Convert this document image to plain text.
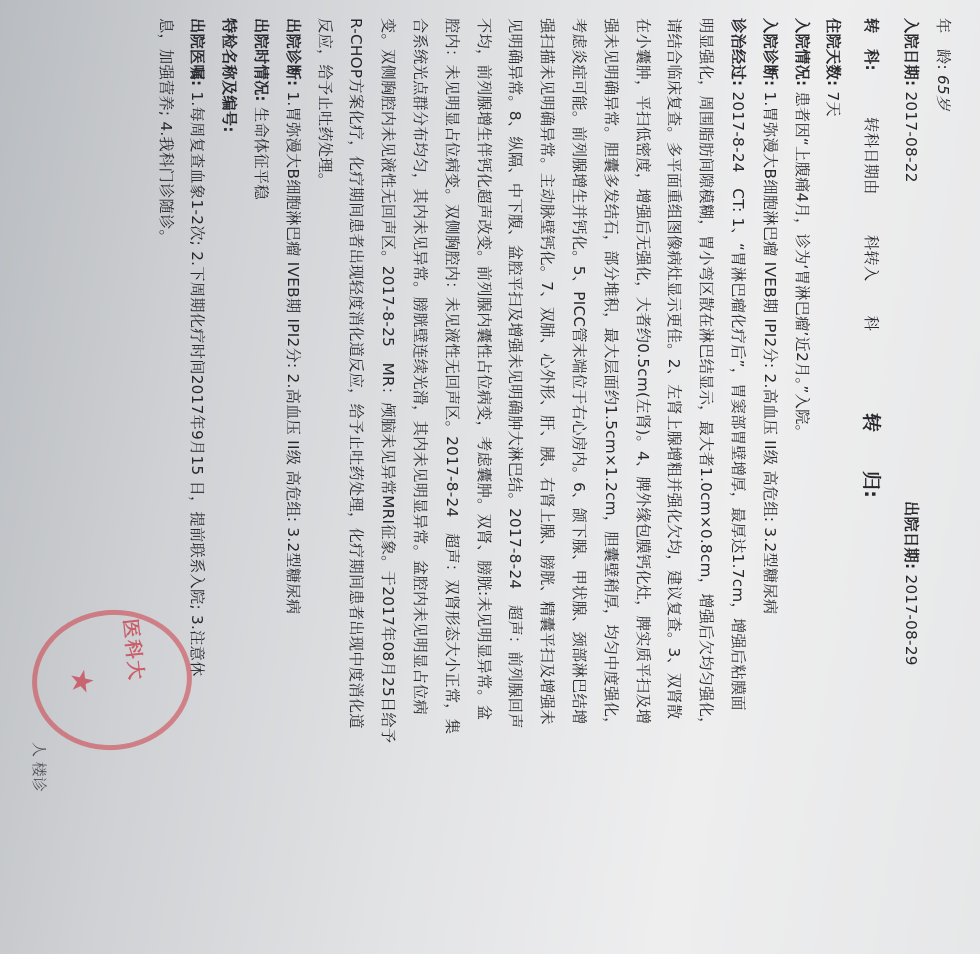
年　龄: 65岁
入院日期: 2017-08-22  出院日期: 2017-08-29
转　科:  转科日期由  科转入  科
转　　归:
住院天数: 7天
入院情况: 患者因“上腹痛4月，诊为‘胃淋巴瘤’近2月。”入院。
入院诊断: 1.胃弥漫大B细胞淋巴瘤 IVEB期 IPI2分: 2.高血压 II级 高危组: 3.2型糖尿病
诊治经过: 2017-8-24　CT: 1、“胃淋巴瘤化疗后”，胃窦部胃壁增厚，最厚达1.7cm，增强后粘膜面
明显强化，周围脂肪间隙模糊，胃小弯区散在淋巴结显示，最大者1.0cm×0.8cm，增强后欠均匀强化，
请结合临床复查。多平面重组图像病灶显示更佳。2、左肾上腺增粗并强化欠均，建议复查。3、双肾散
在小囊肿，平扫低密度，增强后无强化，大者约0.5cm(左肾)。4、脾外缘包膜钙化灶，脾实质平扫及增
强未见明确异常。胆囊多发结石，部分堆积，最大层面约1.5cm×1.2cm，胆囊壁稍厚，均匀中度强化，
考虑炎症可能。前列腺增生并钙化。5、PICC管末端位于右心房内。6、颌下腺、甲状腺、颈部淋巴结增
强扫描未见明确异常。主动脉壁钙化。7、双肺、心外形、肝、胰、右肾上腺、膀胱、精囊平扫及增强未
见明确异常。8、纵隔、中下腹、盆腔平扫及增强未见明确肿大淋巴结。2017-8-24　超声：前列腺回声
不均，前列腺增生伴钙化超声改变。前列腺内囊性占位病变，考虑囊肿。双肾、膀胱:未见明显异常。盆
腔内：未见明显占位病变。双侧胸腔内：未见液性无回声区。2017-8-24　超声：双肾形态大小正常，集
合系统光点群分布均匀，其内未见异常。膀胱壁连续光滑，其内未见明显异常。盆腔内未见明显占位病
变。双侧胸腔内未见液性无回声区。2017-8-25　MR：颅脑未见异常MRI征象。于2017年08月25日给予
R-CHOP方案化疗，化疗期间患者出现轻度消化道反应，给予止吐药处理，化疗期间患者出现中度消化道
反应，给予止吐药处理。
出院诊断: 1.胃弥漫大B细胞淋巴瘤 IVEB期 IPI2分: 2.高血压 II级 高危组: 3.2型糖尿病
出院时情况: 生命体征平稳
特检名称及编号:
出院医嘱: 1.每周复查血象1-2次; 2.下周期化疗时间2017年9月15 日，提前联系入院; 3.注意休
息，加强营养; 4.我科门诊随诊。
医科大
★
人 楼诊
